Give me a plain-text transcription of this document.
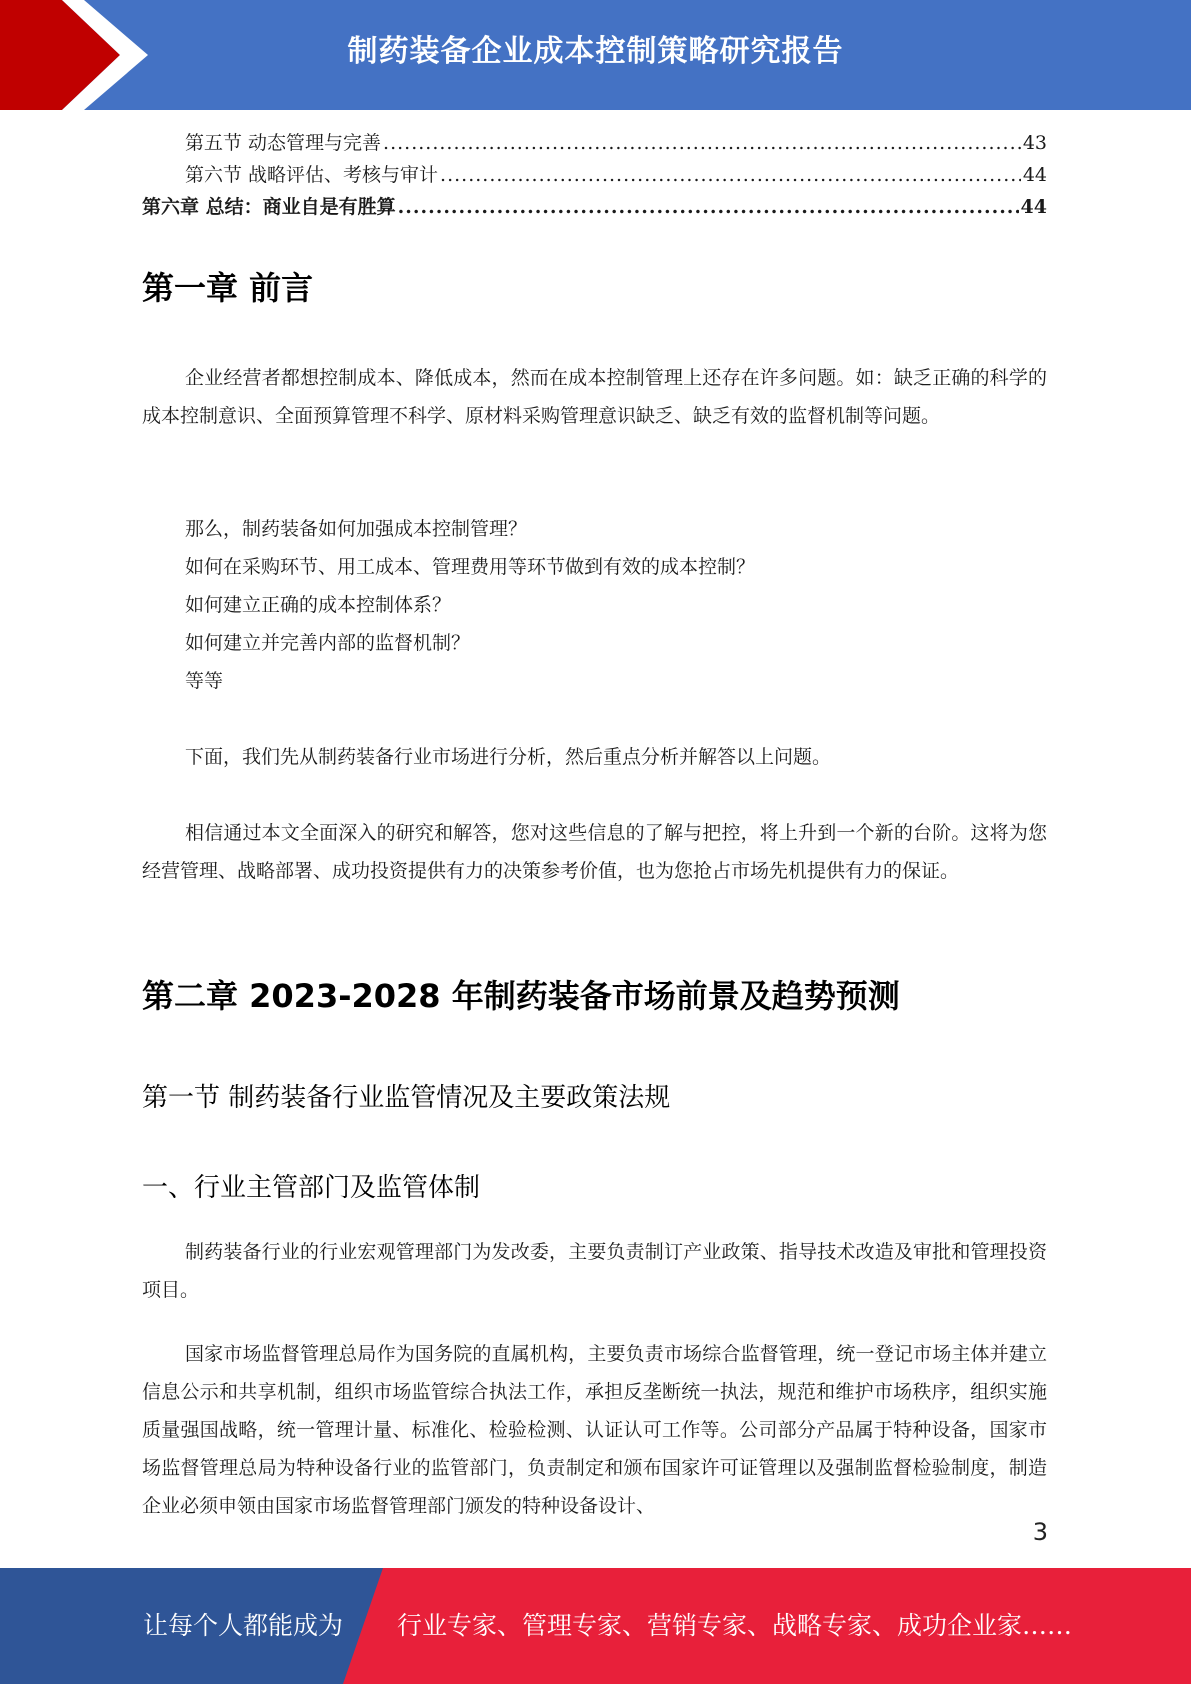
制药装备企业成本控制策略研究报告
第五节 动态管理与完善 .....	43
第六节 战略评估、考核与审计 .....	44
第六章 总结：商业自是有胜算 .....	44
第一章 前言

企业经营者都想控制成本、降低成本，然而在成本控制管理上还存在许多问题。如：缺乏正确的科学的成本控制意识、全面预算管理不科学、原材料采购管理意识缺乏、缺乏有效的监督机制等问题。

那么，制药装备如何加强成本控制管理？
如何在采购环节、用工成本、管理费用等环节做到有效的成本控制？
如何建立正确的成本控制体系？
如何建立并完善内部的监督机制？
等等
下面，我们先从制药装备行业市场进行分析，然后重点分析并解答以上问题。

相信通过本文全面深入的研究和解答，您对这些信息的了解与把控，将上升到一个新的台阶。这将为您经营管理、战略部署、成功投资提供有力的决策参考价值，也为您抢占市场先机提供有力的保证。

第二章 2023-2028 年制药装备市场前景及趋势预测
第一节 制药装备行业监管情况及主要政策法规
一、行业主管部门及监管体制

制药装备行业的行业宏观管理部门为发改委，主要负责制订产业政策、指导技术改造及审批和管理投资项目。

国家市场监督管理总局作为国务院的直属机构，主要负责市场综合监督管理，统一登记市场主体并建立信息公示和共享机制，组织市场监管综合执法工作，承担反垄断统一执法，规范和维护市场秩序，组织实施质量强国战略，统一管理计量、标准化、检验检测、认证认可工作等。公司部分产品属于特种设备，国家市场监督管理总局为特种设备行业的监管部门，负责制定和颁布国家许可证管理以及强制监督检验制度，制造企业必须申领由国家市场监督管理部门颁发的特种设备设计、

3
让每个人都能成为 行业专家、管理专家、营销专家、战略专家、成功企业家……
